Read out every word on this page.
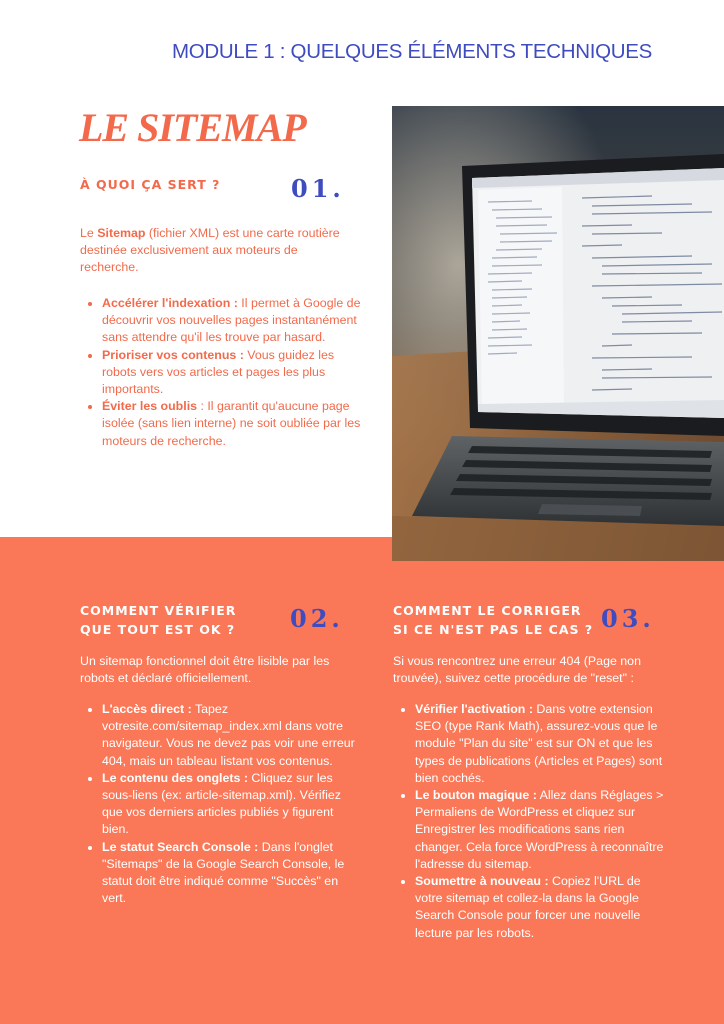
MODULE 1 : QUELQUES ÉLÉMENTS TECHNIQUES
LE SITEMAP
À QUOI ÇA SERT ?	01.
Le Sitemap (fichier XML) est une carte routière destinée exclusivement aux moteurs de recherche.
• Accélérer l'indexation : Il permet à Google de découvrir vos nouvelles pages instantanément sans attendre qu'il les trouve par hasard.
• Prioriser vos contenus : Vous guidez les robots vers vos articles et pages les plus importants.
• Éviter les oublis : Il garantit qu'aucune page isolée (sans lien interne) ne soit oubliée par les moteurs de recherche.
COMMENT VÉRIFIER
QUE TOUT EST OK ? 02.
Un sitemap fonctionnel doit être lisible par les robots et déclaré officiellement.
• L'accès direct : Tapez votresite.com/sitemap_index.xml dans votre navigateur. Vous ne devez pas voir une erreur 404, mais un tableau listant vos contenus.
• Le contenu des onglets : Cliquez sur les sous-liens (ex: article-sitemap.xml). Vérifiez que vos derniers articles publiés y figurent bien.
• Le statut Search Console : Dans l'onglet "Sitemaps" de la Google Search Console, le statut doit être indiqué comme "Succès" en vert.
COMMENT LE CORRIGER
SI CE N'EST PAS LE CAS ? 03.
Si vous rencontrez une erreur 404 (Page non trouvée), suivez cette procédure de "reset" :
• Vérifier l'activation : Dans votre extension SEO (type Rank Math), assurez-vous que le module "Plan du site" est sur ON et que les types de publications (Articles et Pages) sont bien cochés.
• Le bouton magique : Allez dans Réglages > Permaliens de WordPress et cliquez sur Enregistrer les modifications sans rien changer. Cela force WordPress à reconnaître l'adresse du sitemap.
• Soumettre à nouveau : Copiez l'URL de votre sitemap et collez-la dans la Google Search Console pour forcer une nouvelle lecture par les robots.
